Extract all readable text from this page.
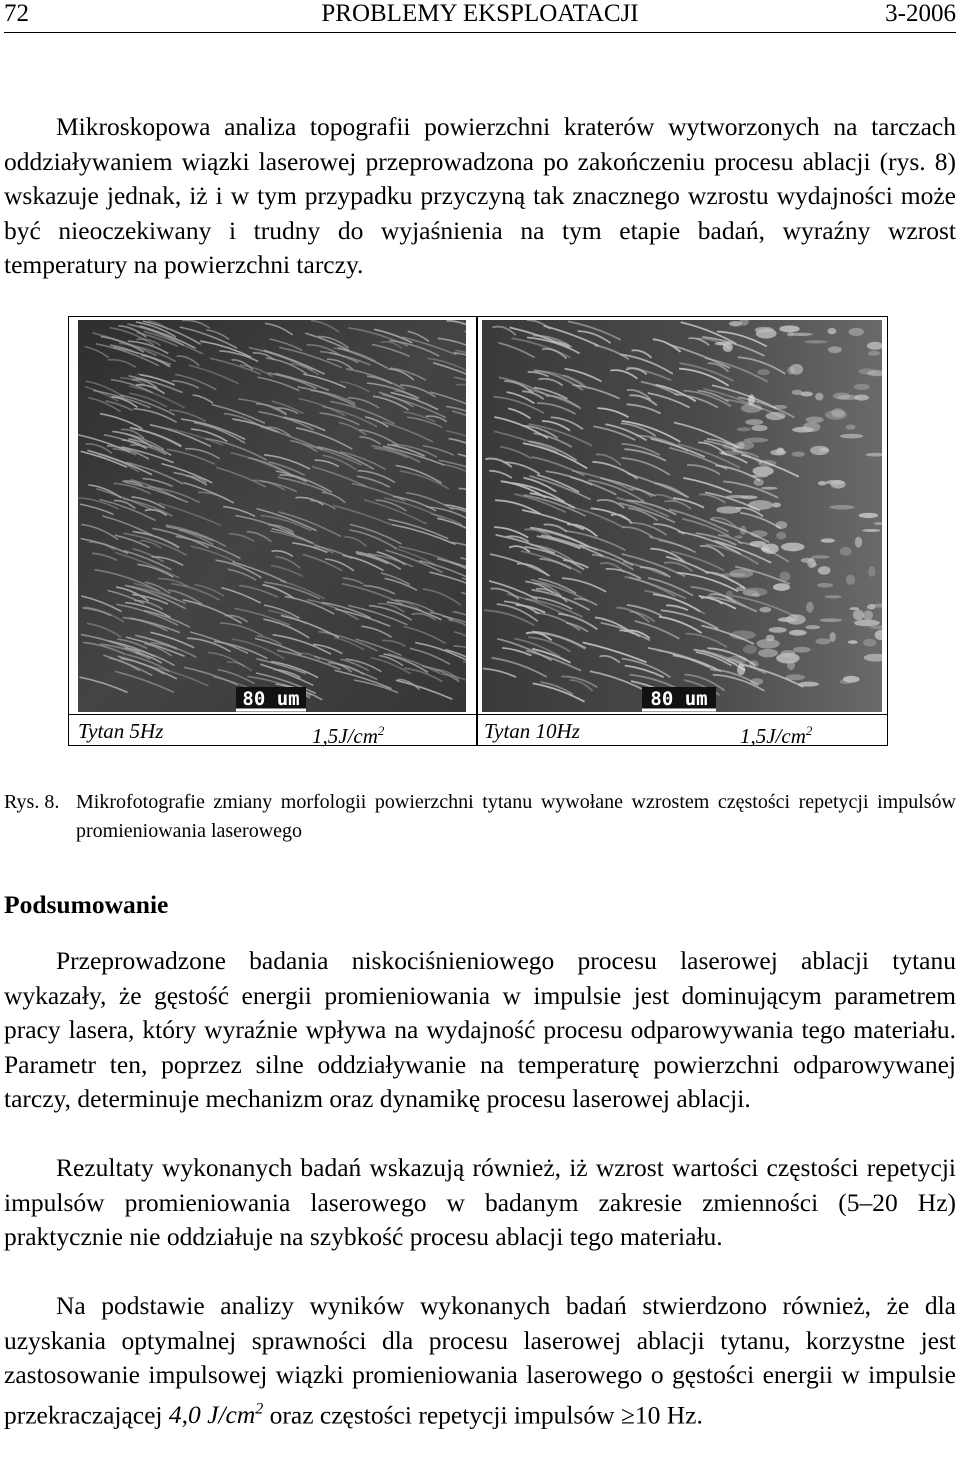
72	PROBLEMY EKSPLOATACJI	3-2006

Mikroskopowa analiza topografii powierzchni kraterów wytworzonych na tarczach oddziaływaniem wiązki laserowej przeprowadzona po zakończeniu procesu ablacji (rys. 8) wskazuje jednak, iż i w tym przypadku przyczyną tak znacznego wzrostu wydajności może być nieoczekiwany i trudny do wyjaśnienia na tym etapie badań, wyraźny wzrost temperatury na powierzchni tarczy.

80 um	80 um
Tytan 5Hz	$1,5J/cm^2$	Tytan 10Hz	$1,5J/cm^2$
Rys. 8. Mikrofotografie zmiany morfologii powierzchni tytanu wywołane wzrostem częstości repetycji impulsów promieniowania laserowego
Podsumowanie

Przeprowadzone badania niskociśnieniowego procesu laserowej ablacji tytanu wykazały, że gęstość energii promieniowania w impulsie jest dominującym parametrem pracy lasera, który wyraźnie wpływa na wydajność procesu odparowywania tego materiału. Parametr ten, poprzez silne oddziaływanie na temperaturę powierzchni odparowywanej tarczy, determinuje mechanizm oraz dynamikę procesu laserowej ablacji.

Rezultaty wykonanych badań wskazują również, iż wzrost wartości częstości repetycji impulsów promieniowania laserowego w badanym zakresie zmienności (5–20 Hz) praktycznie nie oddziałuje na szybkość procesu ablacji tego materiału.

Na podstawie analizy wyników wykonanych badań stwierdzono również, że dla uzyskania optymalnej sprawności dla procesu laserowej ablacji tytanu, korzystne jest zastosowanie impulsowej wiązki promieniowania laserowego o gęstości energii w impulsie przekraczającej 4,0 $J/cm^2$ oraz częstości repetycji impulsów ≥10 Hz.
